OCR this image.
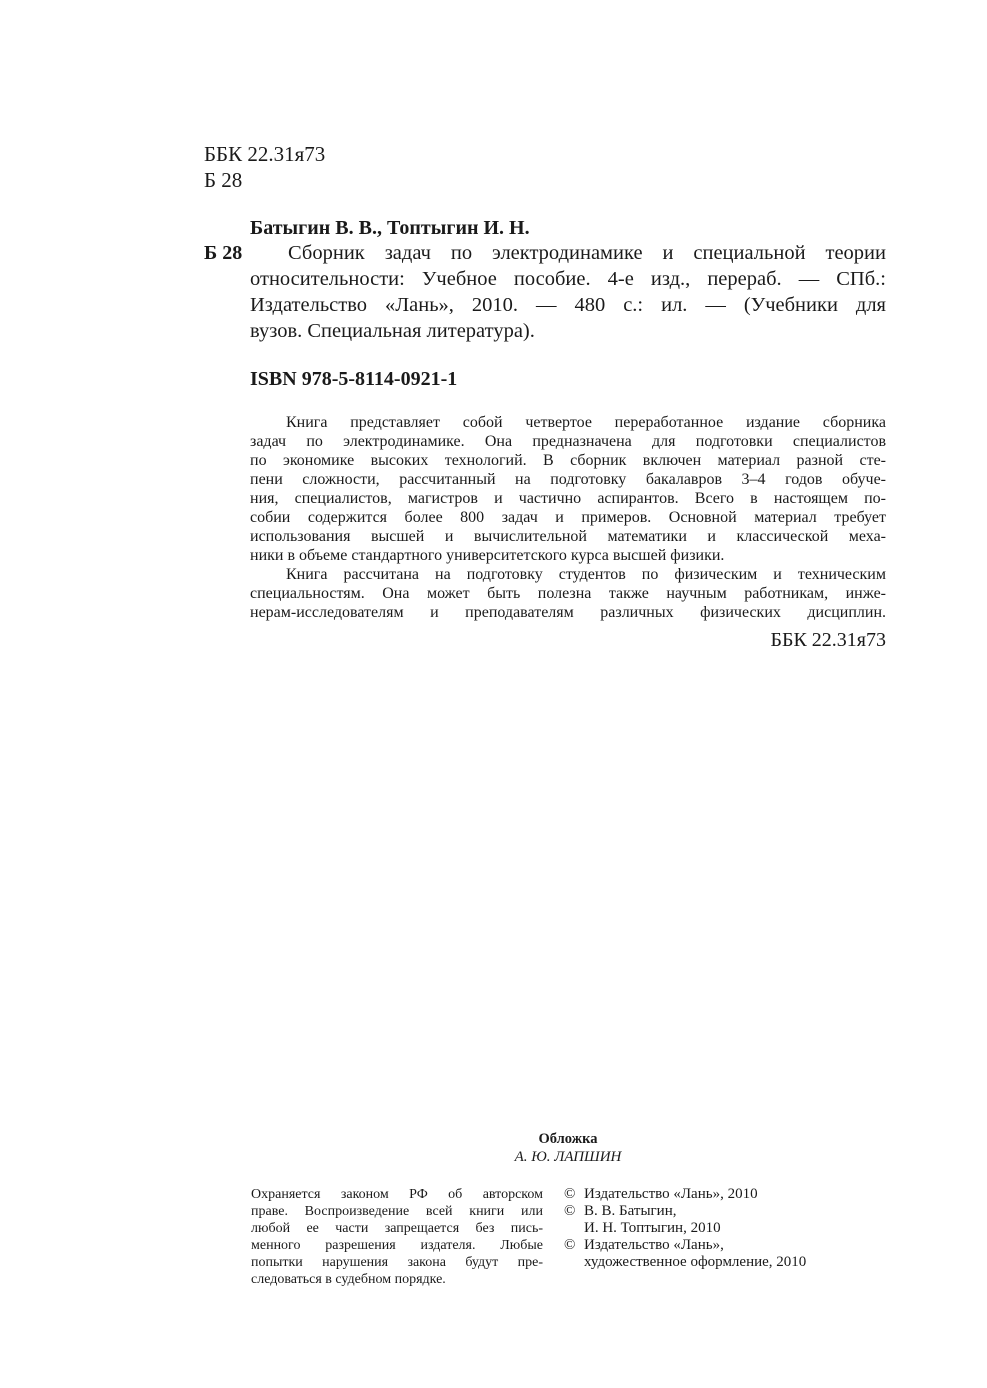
ББК 22.31я73
Б 28
Батыгин В. В., Топтыгин И. Н.
Б 28 Сборник задач по электродинамике и специальной теории
относительности: Учебное пособие. 4-е изд., перераб. — СПб.:
Издательство «Лань», 2010. — 480 с.: ил. — (Учебники для
вузов. Специальная литература).
ISBN 978-5-8114-0921-1
Книга представляет собой четвертое переработанное издание сборника
задач по электродинамике. Она предназначена для подготовки специалистов
по экономике высоких технологий. В сборник включен материал разной сте-
пени сложности, рассчитанный на подготовку бакалавров 3–4 годов обуче-
ния, специалистов, магистров и частично аспирантов. Всего в настоящем по-
собии содержится более 800 задач и примеров. Основной материал требует
использования высшей и вычислительной математики и классической меха-
ники в объеме стандартного университетского курса высшей физики.
Книга рассчитана на подготовку студентов по физическим и техническим
специальностям. Она может быть полезна также научным работникам, инже-
нерам-исследователям и преподавателям различных физических дисциплин.
ББК 22.31я73
Обложка
А. Ю. ЛАПШИН
Охраняется законом РФ об авторском
праве. Воспроизведение всей книги или
любой ее части запрещается без пись-
менного разрешения издателя. Любые
попытки нарушения закона будут пре-
следоваться в судебном порядке.
© Издательство «Лань», 2010
© В. В. Батыгин,
И. Н. Топтыгин, 2010
© Издательство «Лань»,
художественное оформление, 2010
